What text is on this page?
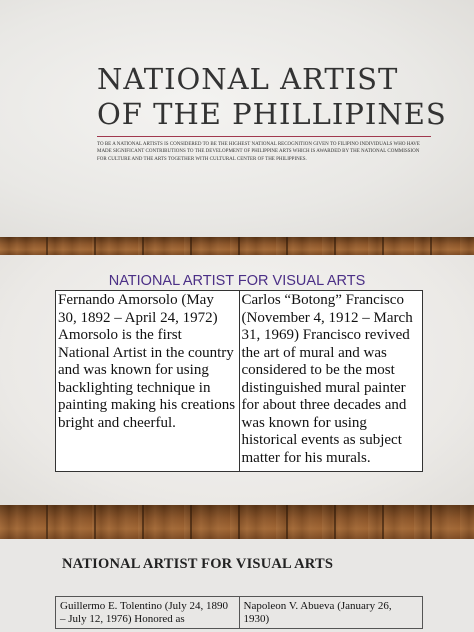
NATIONAL ARTIST
OF THE PHILLIPINES
TO BE A NATIONAL ARTISTS IS CONSIDERED TO BE THE HIGHEST NATIONAL RECOGNITION GIVEN TO FILIPINO INDIVIDUALS WHO HAVE MADE SIGNIFICANT CONTRIBUTIONS TO THE DEVELOPMENT OF PHILIPPINE ARTS WHICH IS AWARDED BY THE NATIONAL COMMISSION FOR CULTURE AND THE ARTS TOGETHER WITH CULTURAL CENTER OF THE PHILIPPINES.
NATIONAL ARTIST FOR VISUAL ARTS
Fernando Amorsolo (May 30, 1892 – April 24, 1972) Amorsolo is the first National Artist in the country and was known for using backlighting technique in painting making his creations bright and cheerful.	Carlos “Botong” Francisco (November 4, 1912 – March 31, 1969) Francisco revived the art of mural and was considered to be the most distinguished mural painter for about three decades and was known for using historical events as subject matter for his murals.
NATIONAL ARTIST FOR VISUAL ARTS
Guillermo E. Tolentino (July 24, 1890 – July 12, 1976) Honored as	Napoleon V. Abueva (January 26, 1930)
